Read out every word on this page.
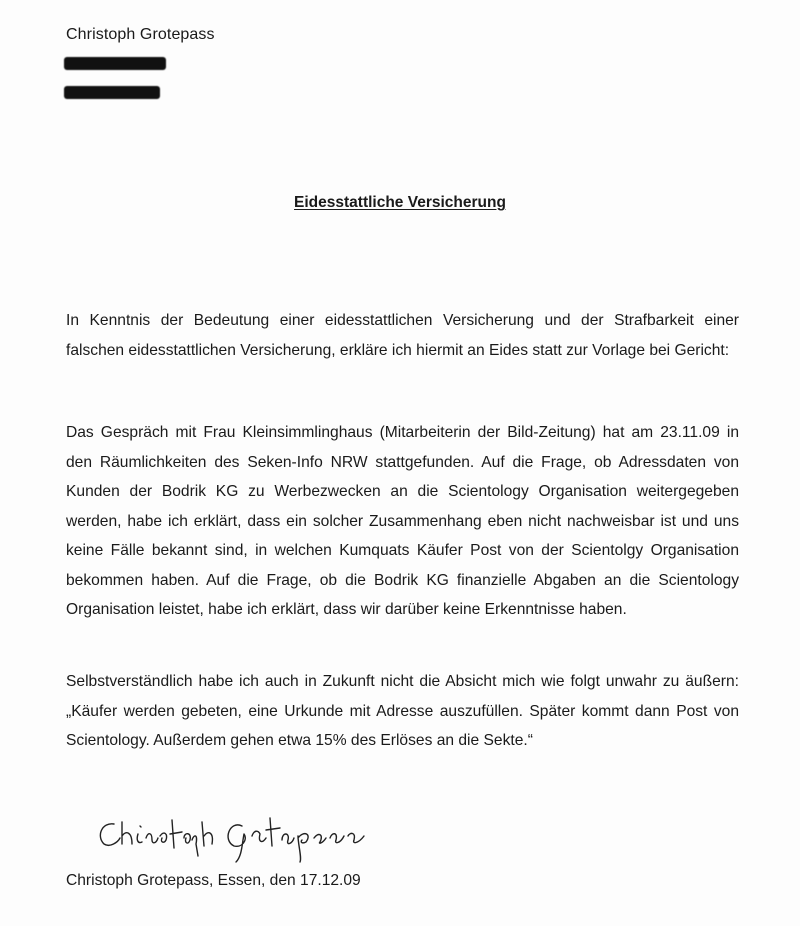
Christoph Grotepass
Eidesstattliche Versicherung
In Kenntnis der Bedeutung einer eidesstattlichen Versicherung und der Strafbarkeit einer falschen eidesstattlichen Versicherung, erkläre ich hiermit an Eides statt zur Vorlage bei Gericht:
Das Gespräch mit Frau Kleinsimmlinghaus (Mitarbeiterin der Bild-Zeitung) hat am 23.11.09 in den Räumlichkeiten des Seken-Info NRW stattgefunden. Auf die Frage, ob Adressdaten von Kunden der Bodrik KG zu Werbezwecken an die Scientology Organisation weitergegeben werden, habe ich erklärt, dass ein solcher Zusammenhang eben nicht nachweisbar ist und uns keine Fälle bekannt sind, in welchen Kumquats Käufer Post von der Scientolgy Organisation bekommen haben. Auf die Frage, ob die Bodrik KG finanzielle Abgaben an die Scientology Organisation leistet, habe ich erklärt, dass wir darüber keine Erkenntnisse haben.
Selbstverständlich habe ich auch in Zukunft nicht die Absicht mich wie folgt unwahr zu äußern: „Käufer werden gebeten, eine Urkunde mit Adresse auszufüllen. Später kommt dann Post von Scientology. Außerdem gehen etwa 15% des Erlöses an die Sekte.“
Christoph Grotepass, Essen, den 17.12.09
